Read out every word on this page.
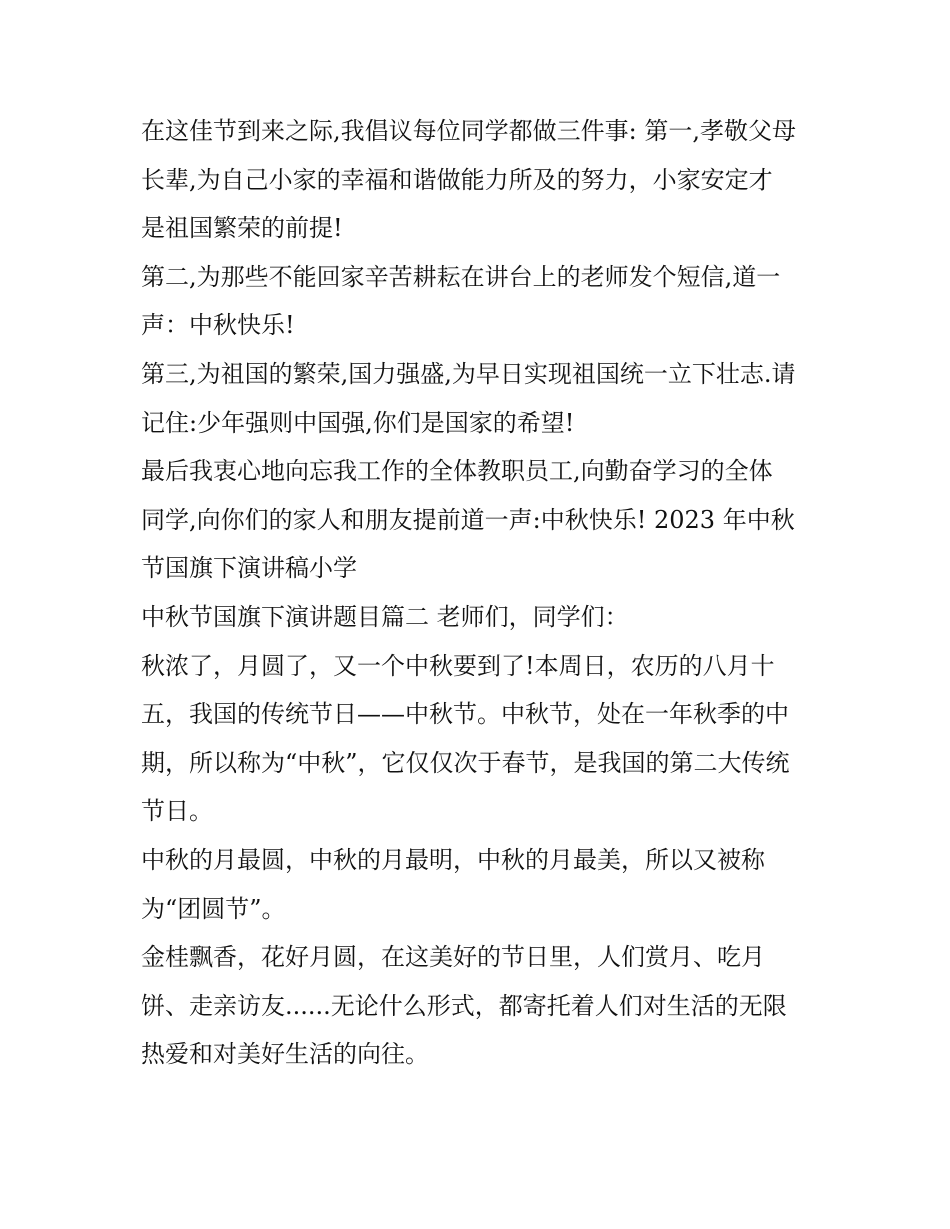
在这佳节到来之际,我倡议每位同学都做三件事: 第一,孝敬父母
长辈,为自己小家的幸福和谐做能力所及的努力，小家安定才
是祖国繁荣的前提!
第二,为那些不能回家辛苦耕耘在讲台上的老师发个短信,道一
声：中秋快乐!
第三,为祖国的繁荣,国力强盛,为早日实现祖国统一立下壮志.请
记住:少年强则中国强,你们是国家的希望!
最后我衷心地向忘我工作的全体教职员工,向勤奋学习的全体
同学,向你们的家人和朋友提前道一声:中秋快乐! 2023 年中秋
节国旗下演讲稿小学
中秋节国旗下演讲题目篇二 老师们，同学们：
秋浓了，月圆了，又一个中秋要到了!本周日，农历的八月十
五，我国的传统节日——中秋节。中秋节，处在一年秋季的中
期，所以称为“中秋”，它仅仅次于春节，是我国的第二大传统
节日。
中秋的月最圆，中秋的月最明，中秋的月最美，所以又被称
为“团圆节”。
金桂飘香，花好月圆，在这美好的节日里，人们赏月、吃月
饼、走亲访友......无论什么形式，都寄托着人们对生活的无限
热爱和对美好生活的向往。
